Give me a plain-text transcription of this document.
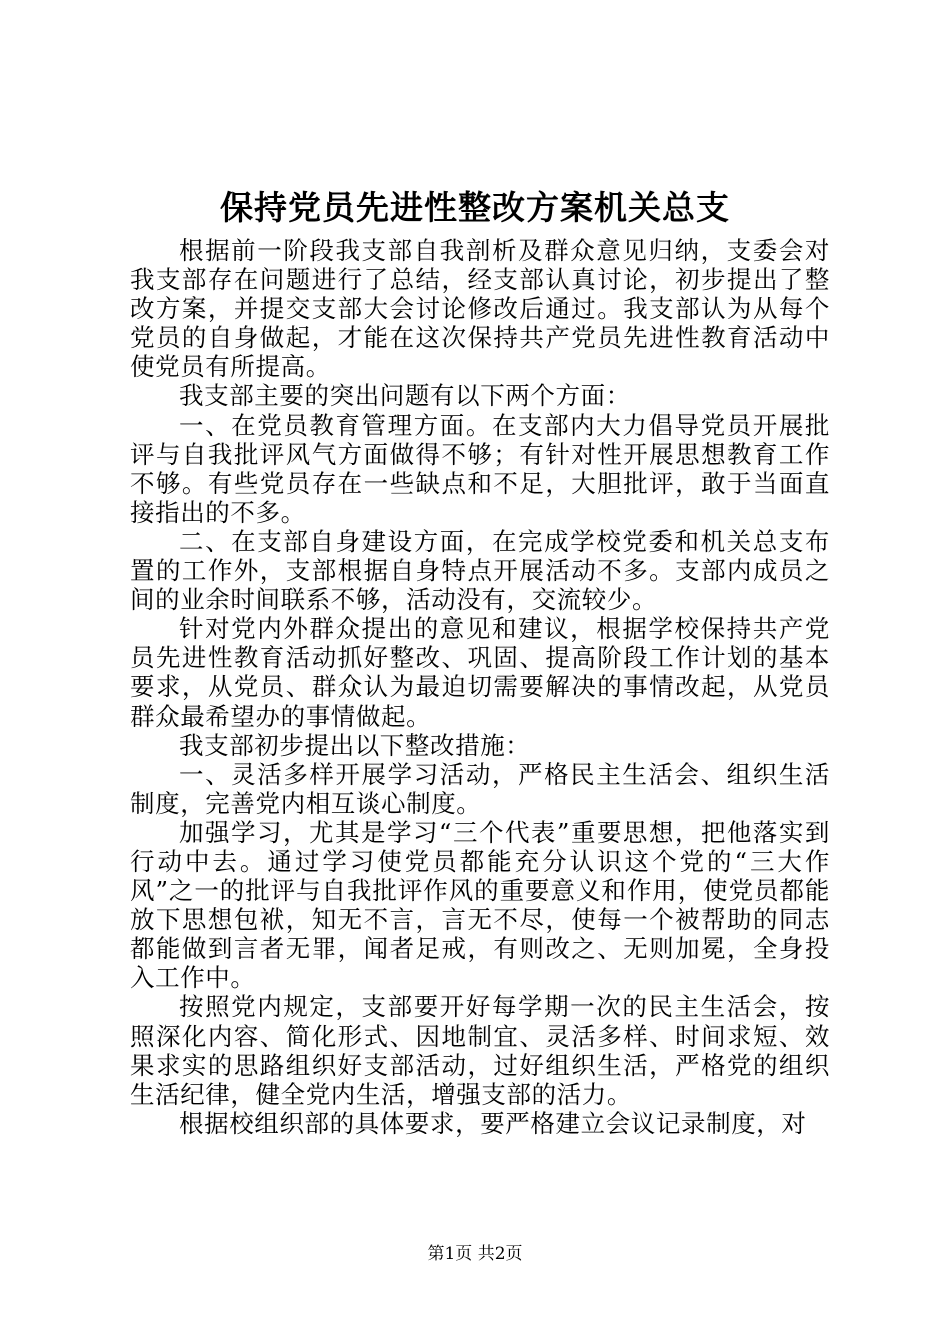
保持党员先进性整改方案机关总支

根据前一阶段我支部自我剖析及群众意见归纳，支委会对我支部存在问题进行了总结，经支部认真讨论，初步提出了整改方案，并提交支部大会讨论修改后通过。我支部认为从每个党员的自身做起，才能在这次保持共产党员先进性教育活动中使党员有所提高。

我支部主要的突出问题有以下两个方面：

一、在党员教育管理方面。在支部内大力倡导党员开展批评与自我批评风气方面做得不够；有针对性开展思想教育工作不够。有些党员存在一些缺点和不足，大胆批评，敢于当面直接指出的不多。

二、在支部自身建设方面，在完成学校党委和机关总支布置的工作外，支部根据自身特点开展活动不多。支部内成员之间的业余时间联系不够，活动没有，交流较少。

针对党内外群众提出的意见和建议，根据学校保持共产党员先进性教育活动抓好整改、巩固、提高阶段工作计划的基本要求，从党员、群众认为最迫切需要解决的事情改起，从党员群众最希望办的事情做起。

我支部初步提出以下整改措施：

一、灵活多样开展学习活动，严格民主生活会、组织生活制度，完善党内相互谈心制度。

加强学习，尤其是学习“三个代表”重要思想，把他落实到行动中去。通过学习使党员都能充分认识这个党的“三大作风”之一的批评与自我批评作风的重要意义和作用，使党员都能放下思想包袱，知无不言，言无不尽，使每一个被帮助的同志都能做到言者无罪，闻者足戒，有则改之、无则加冕，全身投入工作中。

按照党内规定，支部要开好每学期一次的民主生活会，按照深化内容、简化形式、因地制宜、灵活多样、时间求短、效果求实的思路组织好支部活动，过好组织生活，严格党的组织生活纪律，健全党内生活，增强支部的活力。

根据校组织部的具体要求，要严格建立会议记录制度，对

第1页 共2页
